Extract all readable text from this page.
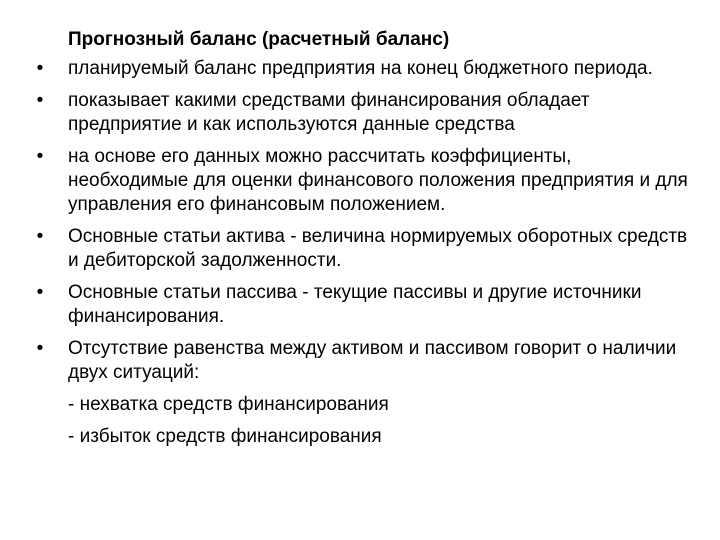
Прогнозный баланс (расчетный баланс)
•	планируемый баланс предприятия на конец бюджетного периода.
•	показывает какими средствами финансирования обладает предприятие и как используются данные средства
•	на основе его данных можно рассчитать коэффициенты, необходимые для оценки финансового положения предприятия и для управления его финансовым положением.
•	Основные статьи актива - величина нормируемых оборотных средств и дебиторской задолженности.
•	Основные статьи пассива - текущие пассивы и другие источники финансирования.
•	Отсутствие равенства между активом и пассивом говорит о наличии двух ситуаций:
- нехватка средств финансирования
- избыток средств финансирования
